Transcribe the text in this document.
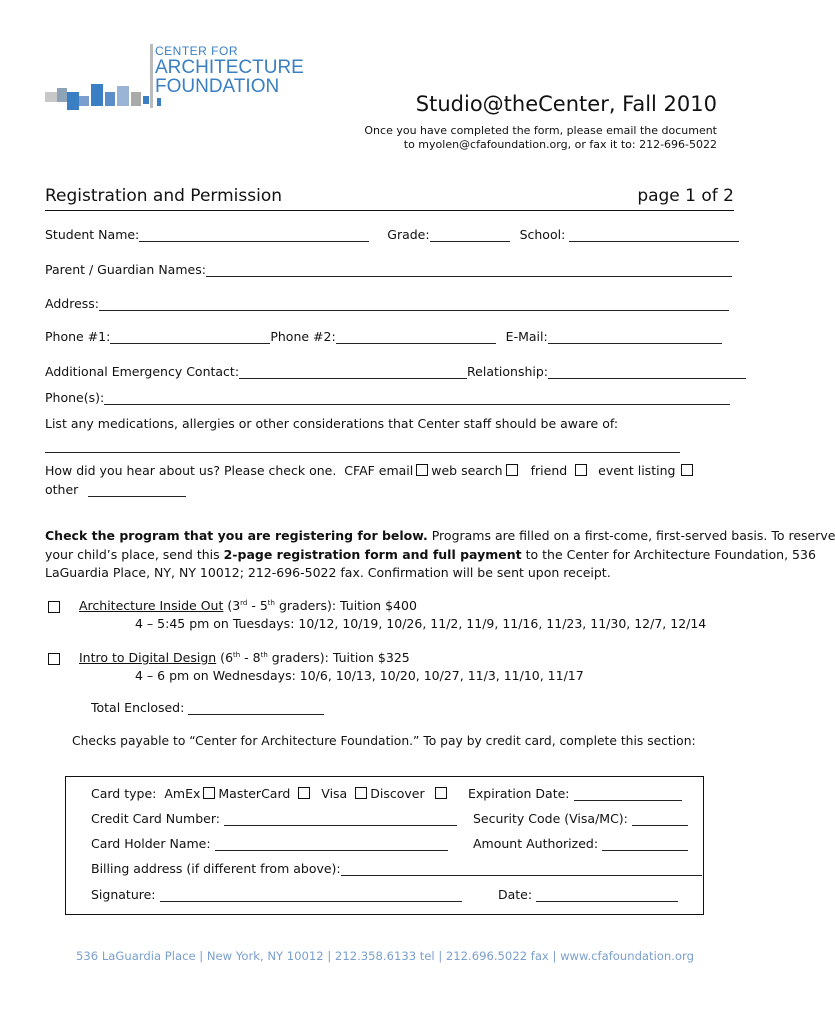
CENTER FOR
ARCHITECTURE
FOUNDATION
Studio@theCenter, Fall 2010
Once you have completed the form, please email the document
to myolen@cfafoundation.org, or fax it to: 212-696-5022
Registration and Permission	page 1 of 2
Student Name:	Grade:	School:
Parent / Guardian Names:
Address:
Phone #1:	Phone #2:	E-Mail:
Additional Emergency Contact:	Relationship:
Phone(s):
List any medications, allergies or other considerations that Center staff should be aware of:
How did you hear about us? Please check one. CFAF email web search friend event listing
other
Check the program that you are registering for below. Programs are filled on a first-come, first-served basis. To reserve
your child’s place, send this 2-page registration form and full payment to the Center for Architecture Foundation, 536
LaGuardia Place, NY, NY 10012; 212-696-5022 fax. Confirmation will be sent upon receipt.
Architecture Inside Out (3rd - 5th graders): Tuition $400
4 – 5:45 pm on Tuesdays: 10/12, 10/19, 10/26, 11/2, 11/9, 11/16, 11/23, 11/30, 12/7, 12/14
Intro to Digital Design (6th - 8th graders): Tuition $325
4 – 6 pm on Wednesdays: 10/6, 10/13, 10/20, 10/27, 11/3, 11/10, 11/17
Total Enclosed:
Checks payable to “Center for Architecture Foundation.” To pay by credit card, complete this section:
Card type: AmEx MasterCard Visa Discover	Expiration Date:
Credit Card Number:	Security Code (Visa/MC):
Card Holder Name:	Amount Authorized:
Billing address (if different from above):
Signature:	Date:
536 LaGuardia Place | New York, NY 10012 | 212.358.6133 tel | 212.696.5022 fax | www.cfafoundation.org
